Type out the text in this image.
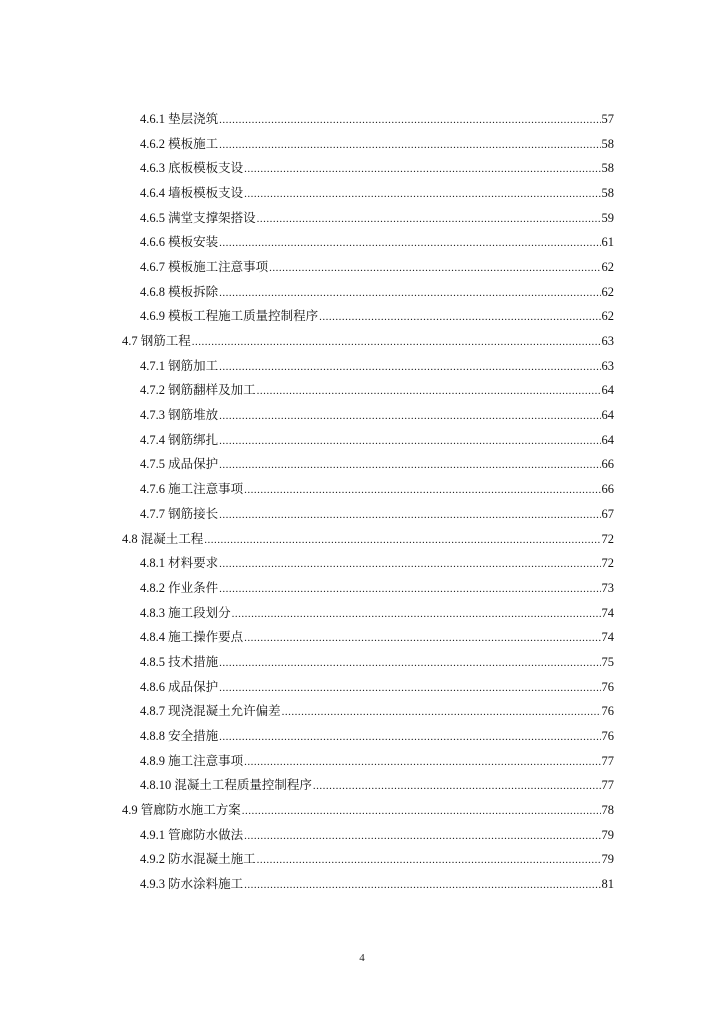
4.6.1 垫层浇筑 .....	57
4.6.2 模板施工 .....	58
4.6.3 底板模板支设 .....	58
4.6.4 墙板模板支设 .....	58
4.6.5 满堂支撑架搭设 .....	59
4.6.6 模板安装 .....	61
4.6.7 模板施工注意事项 .....	62
4.6.8 模板拆除 .....	62
4.6.9 模板工程施工质量控制程序 .....	62
4.7 钢筋工程 .....	63
4.7.1 钢筋加工 .....	63
4.7.2 钢筋翻样及加工 .....	64
4.7.3 钢筋堆放 .....	64
4.7.4 钢筋绑扎 .....	64
4.7.5 成品保护 .....	66
4.7.6 施工注意事项 .....	66
4.7.7 钢筋接长 .....	67
4.8 混凝土工程 .....	72
4.8.1 材料要求 .....	72
4.8.2 作业条件 .....	73
4.8.3 施工段划分 .....	74
4.8.4 施工操作要点 .....	74
4.8.5 技术措施 .....	75
4.8.6 成品保护 .....	76
4.8.7 现浇混凝土允许偏差 .....	76
4.8.8 安全措施 .....	76
4.8.9 施工注意事项 .....	77
4.8.10 混凝土工程质量控制程序 .....	77
4.9 管廊防水施工方案 .....	78
4.9.1 管廊防水做法 .....	79
4.9.2 防水混凝土施工 .....	79
4.9.3 防水涂料施工 .....	81
4
